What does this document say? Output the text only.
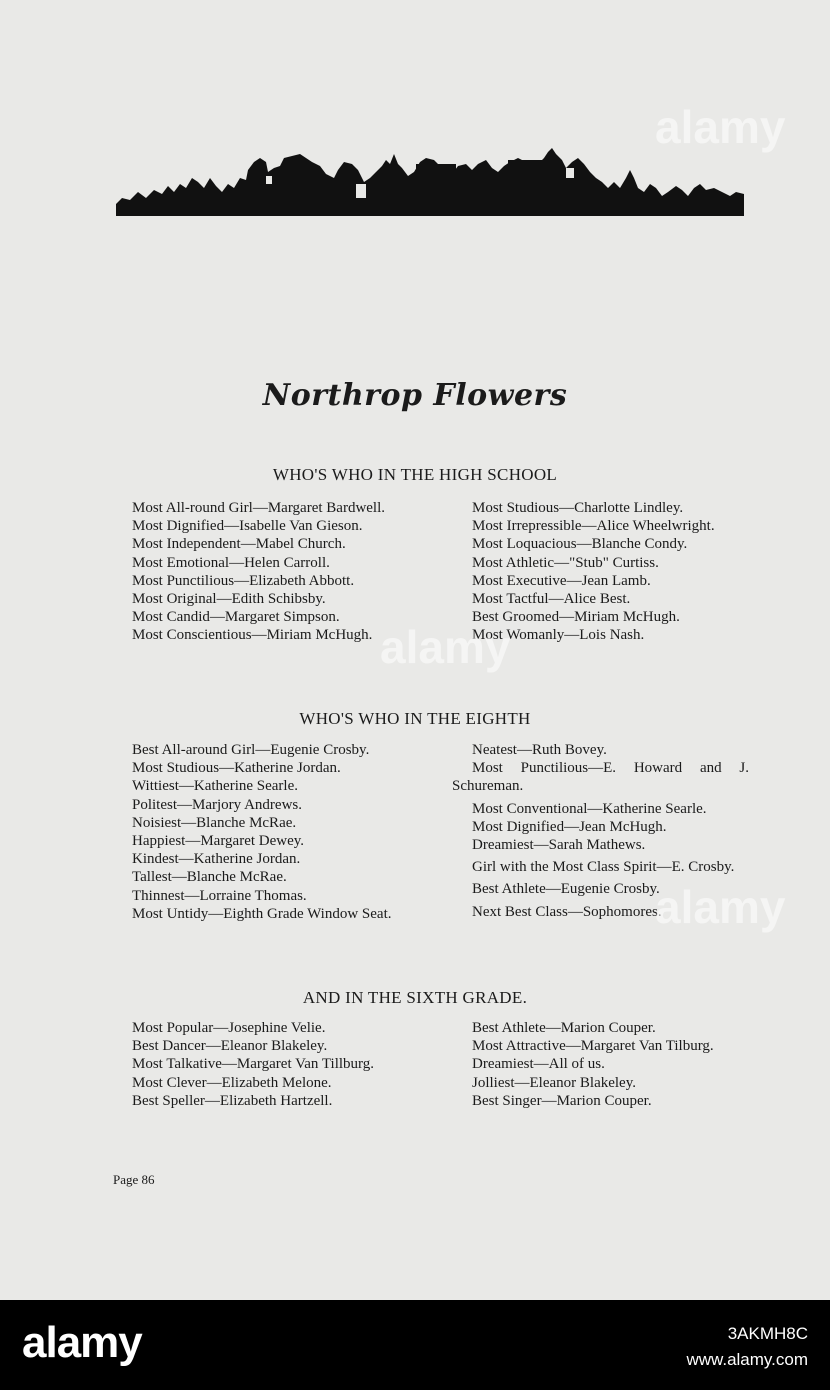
Northrop Flowers
WHO'S WHO IN THE HIGH SCHOOL
Most All-round Girl—Margaret Bardwell.
Most Dignified—Isabelle Van Gieson.
Most Independent—Mabel Church.
Most Emotional—Helen Carroll.
Most Punctilious—Elizabeth Abbott.
Most Original—Edith Schibsby.
Most Candid—Margaret Simpson.
Most Conscientious—Miriam McHugh.
Most Studious—Charlotte Lindley.
Most Irrepressible—Alice Wheelwright.
Most Loquacious—Blanche Condy.
Most Athletic—"Stub" Curtiss.
Most Executive—Jean Lamb.
Most Tactful—Alice Best.
Best Groomed—Miriam McHugh.
Most Womanly—Lois Nash.
WHO'S WHO IN THE EIGHTH
Best All-around Girl—Eugenie Crosby.
Most Studious—Katherine Jordan.
Wittiest—Katherine Searle.
Politest—Marjory Andrews.
Noisiest—Blanche McRae.
Happiest—Margaret Dewey.
Kindest—Katherine Jordan.
Tallest—Blanche McRae.
Thinnest—Lorraine Thomas.
Most Untidy—Eighth Grade Window Seat.
Neatest—Ruth Bovey.
Most Punctilious—E. Howard and J. Schureman.
Most Conventional—Katherine Searle.
Most Dignified—Jean McHugh.
Dreamiest—Sarah Mathews.
Girl with the Most Class Spirit—E. Crosby.
Best Athlete—Eugenie Crosby.
Next Best Class—Sophomores.
AND IN THE SIXTH GRADE.
Most Popular—Josephine Velie.
Best Dancer—Eleanor Blakeley.
Most Talkative—Margaret Van Tillburg.
Most Clever—Elizabeth Melone.
Best Speller—Elizabeth Hartzell.
Best Athlete—Marion Couper.
Most Attractive—Margaret Van Tilburg.
Dreamiest—All of us.
Jolliest—Eleanor Blakeley.
Best Singer—Marion Couper.
Page 86
alamy
alamy
alamy
alamy	3AKMH8C
www.alamy.com
